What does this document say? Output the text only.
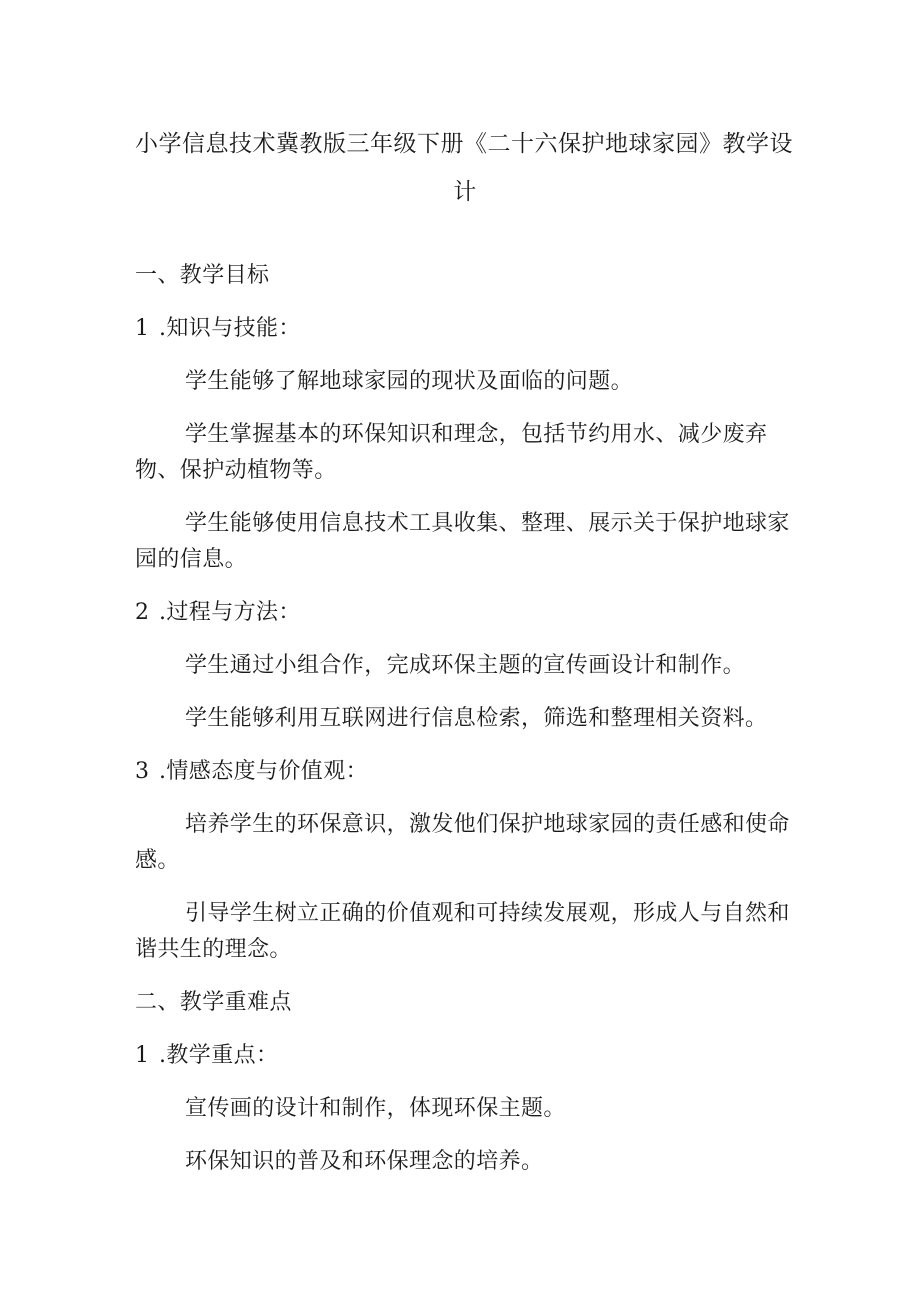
小学信息技术冀教版三年级下册《二十六保护地球家园》教学设
计

一、教学目标

1 .知识与技能：

学生能够了解地球家园的现状及面临的问题。

学生掌握基本的环保知识和理念，包括节约用水、减少废弃物、保护动植物等。

学生能够使用信息技术工具收集、整理、展示关于保护地球家园的信息。

2 .过程与方法：

学生通过小组合作，完成环保主题的宣传画设计和制作。

学生能够利用互联网进行信息检索，筛选和整理相关资料。

3 .情感态度与价值观：

培养学生的环保意识，激发他们保护地球家园的责任感和使命感。

引导学生树立正确的价值观和可持续发展观，形成人与自然和谐共生的理念。

二、教学重难点

1 .教学重点：

宣传画的设计和制作，体现环保主题。

环保知识的普及和环保理念的培养。
